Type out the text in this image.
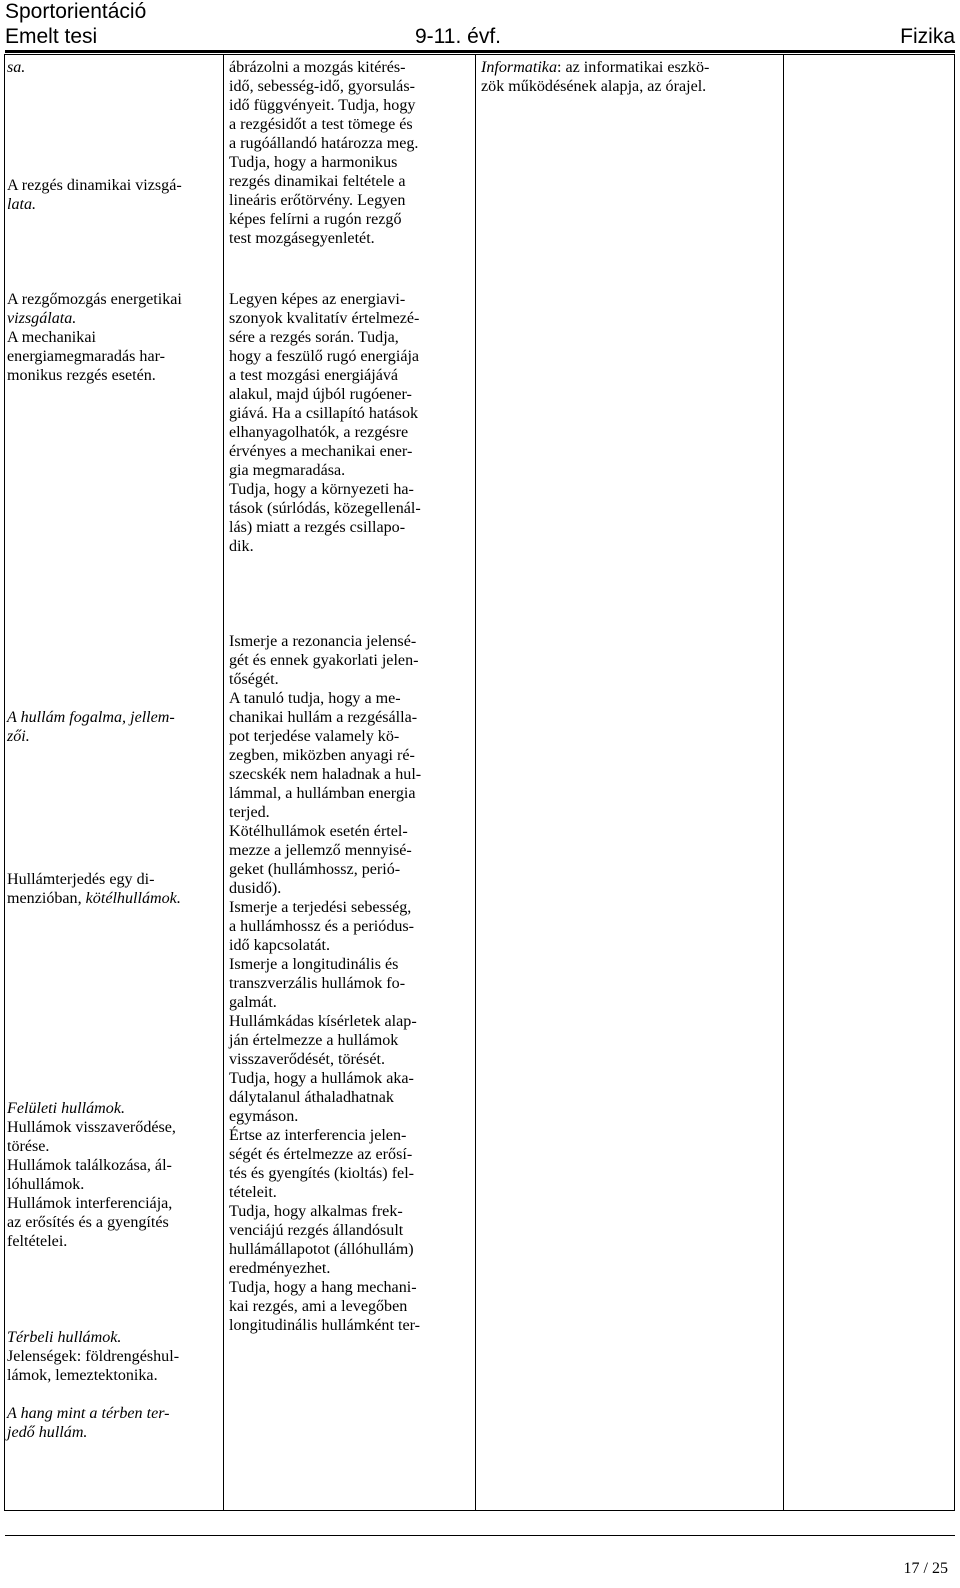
Sportorientáció
Emelt tesi	9-11. évf.	Fizika

sa.

A rezgés dinamikai vizsgá-

lata.

A rezgőmozgás energetikai

vizsgálata.

A mechanikai

energiamegmaradás har-

monikus rezgés esetén.

A hullám fogalma, jellem-

zői.

Hullámterjedés egy di-

menzióban, kötélhullámok.

Felületi hullámok.

Hullámok visszaverődése,

törése.

Hullámok találkozása, ál-

lóhullámok.

Hullámok interferenciája,

az erősítés és a gyengítés

feltételei.

Térbeli hullámok.

Jelenségek: földrengéshul-

lámok, lemeztektonika.

A hang mint a térben ter-

jedő hullám.

ábrázolni a mozgás kitérés-

idő, sebesség-idő, gyorsulás-

idő függvényeit. Tudja, hogy

a rezgésidőt a test tömege és

a rugóállandó határozza meg.

Tudja, hogy a harmonikus

rezgés dinamikai feltétele a

lineáris erőtörvény. Legyen

képes felírni a rugón rezgő

test mozgásegyenletét.

Legyen képes az energiavi-

szonyok kvalitatív értelmezé-

sére a rezgés során. Tudja,

hogy a feszülő rugó energiája

a test mozgási energiájává

alakul, majd újból rugóener-

giává. Ha a csillapító hatások

elhanyagolhatók, a rezgésre

érvényes a mechanikai ener-

gia megmaradása.

Tudja, hogy a környezeti ha-

tások (súrlódás, közegellenál-

lás) miatt a rezgés csillapo-

dik.

Ismerje a rezonancia jelensé-

gét és ennek gyakorlati jelen-

tőségét.

A tanuló tudja, hogy a me-

chanikai hullám a rezgésálla-

pot terjedése valamely kö-

zegben, miközben anyagi ré-

szecskék nem haladnak a hul-

lámmal, a hullámban energia

terjed.

Kötélhullámok esetén értel-

mezze a jellemző mennyisé-

geket (hullámhossz, perió-

dusidő).

Ismerje a terjedési sebesség,

a hullámhossz és a periódus-

idő kapcsolatát.

Ismerje a longitudinális és

transzverzális hullámok fo-

galmát.

Hullámkádas kísérletek alap-

ján értelmezze a hullámok

visszaverődését, törését.

Tudja, hogy a hullámok aka-

dálytalanul áthaladhatnak

egymáson.

Értse az interferencia jelen-

ségét és értelmezze az erősí-

tés és gyengítés (kioltás) fel-

tételeit.

Tudja, hogy alkalmas frek-

venciájú rezgés állandósult

hullámállapotot (állóhullám)

eredményezhet.

Tudja, hogy a hang mechani-

kai rezgés, ami a levegőben

longitudinális hullámként ter-

Informatika: az informatikai eszkö-

zök működésének alapja, az órajel.

17 / 25
